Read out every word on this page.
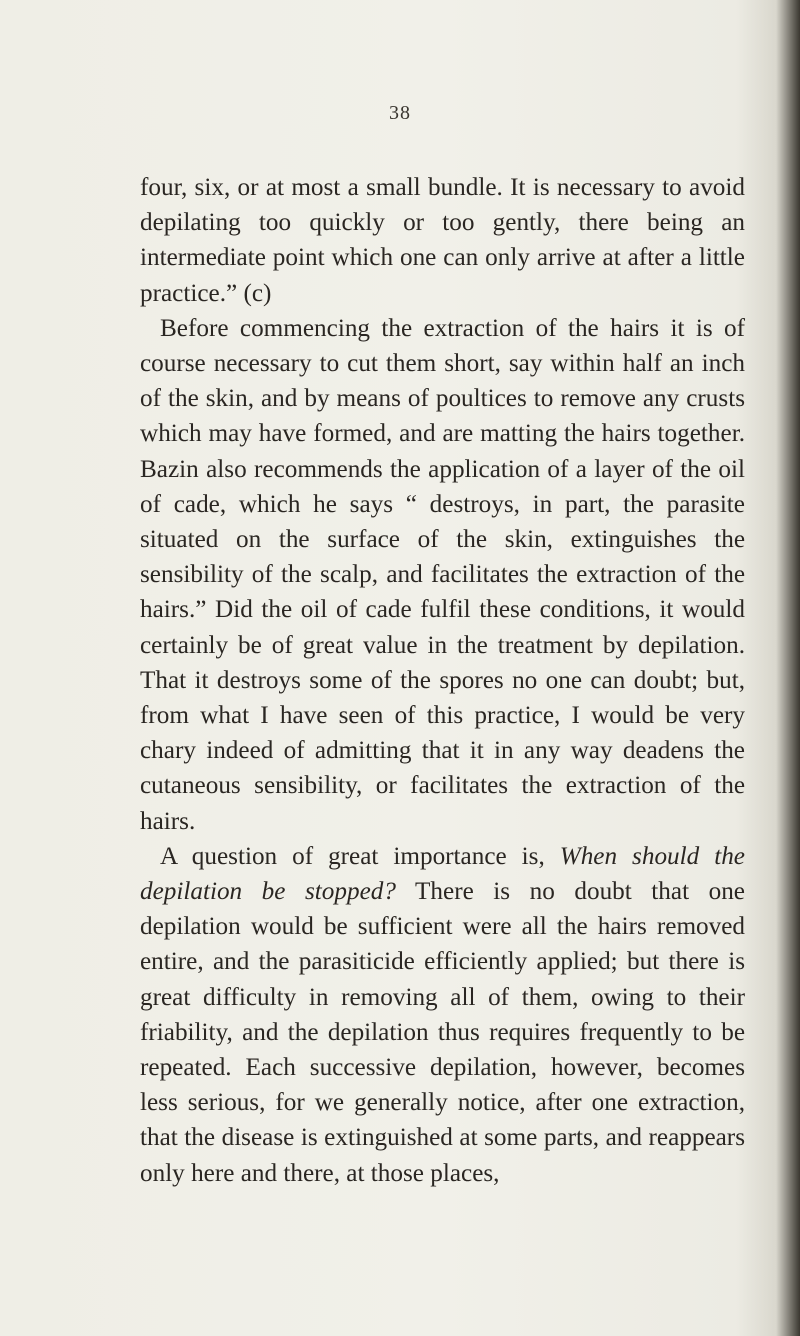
38

four, six, or at most a small bundle. It is necessary to avoid depilating too quickly or too gently, there being an intermediate point which one can only arrive at after a little practice.” (c)

Before commencing the extraction of the hairs it is of course necessary to cut them short, say within half an inch of the skin, and by means of poultices to remove any crusts which may have formed, and are matting the hairs together. Bazin also recommends the application of a layer of the oil of cade, which he says “ destroys, in part, the parasite situated on the surface of the skin, extinguishes the sensibility of the scalp, and facilitates the extraction of the hairs.” Did the oil of cade fulfil these conditions, it would certainly be of great value in the treatment by depilation. That it destroys some of the spores no one can doubt; but, from what I have seen of this practice, I would be very chary indeed of admitting that it in any way deadens the cutaneous sensibility, or facilitates the extraction of the hairs.

A question of great importance is, When should the depilation be stopped? There is no doubt that one depilation would be sufficient were all the hairs removed entire, and the parasiticide efficiently applied; but there is great difficulty in removing all of them, owing to their friability, and the depilation thus requires frequently to be repeated. Each successive depilation, however, becomes less serious, for we generally notice, after one extraction, that the disease is extinguished at some parts, and reappears only here and there, at those places,
